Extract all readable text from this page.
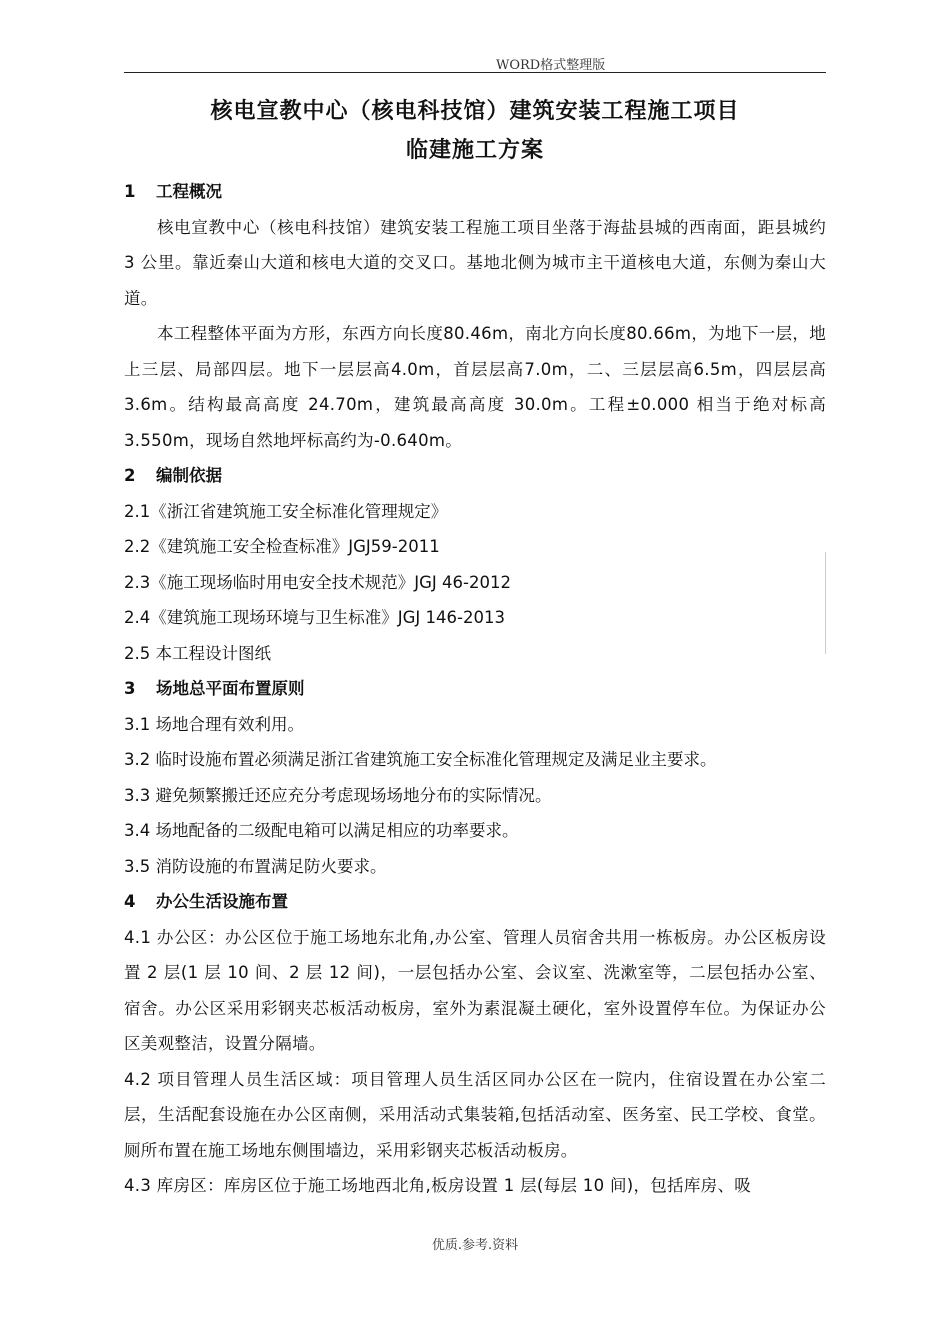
WORD格式整理版
核电宣教中心（核电科技馆）建筑安装工程施工项目
临建施工方案
1 工程概况
核电宣教中心（核电科技馆）建筑安装工程施工项目坐落于海盐县城的西南面，距县城约 3 公里。靠近秦山大道和核电大道的交叉口。基地北侧为城市主干道核电大道，东侧为秦山大道。
本工程整体平面为方形，东西方向长度80.46m，南北方向长度80.66m，为地下一层，地上三层、局部四层。地下一层层高4.0m，首层层高7.0m，二、三层层高6.5m，四层层高 3.6m。结构最高高度 24.70m，建筑最高高度 30.0m。工程±0.000 相当于绝对标高 3.550m，现场自然地坪标高约为-0.640m。
2 编制依据
2.1《浙江省建筑施工安全标准化管理规定》
2.2《建筑施工安全检查标准》JGJ59-2011
2.3《施工现场临时用电安全技术规范》JGJ 46-2012
2.4《建筑施工现场环境与卫生标准》JGJ 146-2013
2.5 本工程设计图纸
3 场地总平面布置原则
3.1 场地合理有效利用。
3.2 临时设施布置必须满足浙江省建筑施工安全标准化管理规定及满足业主要求。
3.3 避免频繁搬迁还应充分考虑现场场地分布的实际情况。
3.4 场地配备的二级配电箱可以满足相应的功率要求。
3.5 消防设施的布置满足防火要求。
4 办公生活设施布置
4.1 办公区：办公区位于施工场地东北角,办公室、管理人员宿舍共用一栋板房。办公区板房设置 2 层(1 层 10 间、2 层 12 间)，一层包括办公室、会议室、洗漱室等，二层包括办公室、宿舍。办公区采用彩钢夹芯板活动板房，室外为素混凝土硬化，室外设置停车位。为保证办公区美观整洁，设置分隔墙。
4.2 项目管理人员生活区域：项目管理人员生活区同办公区在一院内，住宿设置在办公室二层，生活配套设施在办公区南侧，采用活动式集装箱,包括活动室、医务室、民工学校、食堂。厕所布置在施工场地东侧围墙边，采用彩钢夹芯板活动板房。
4.3 库房区：库房区位于施工场地西北角,板房设置 1 层(每层 10 间)，包括库房、吸
优质.参考.资料
